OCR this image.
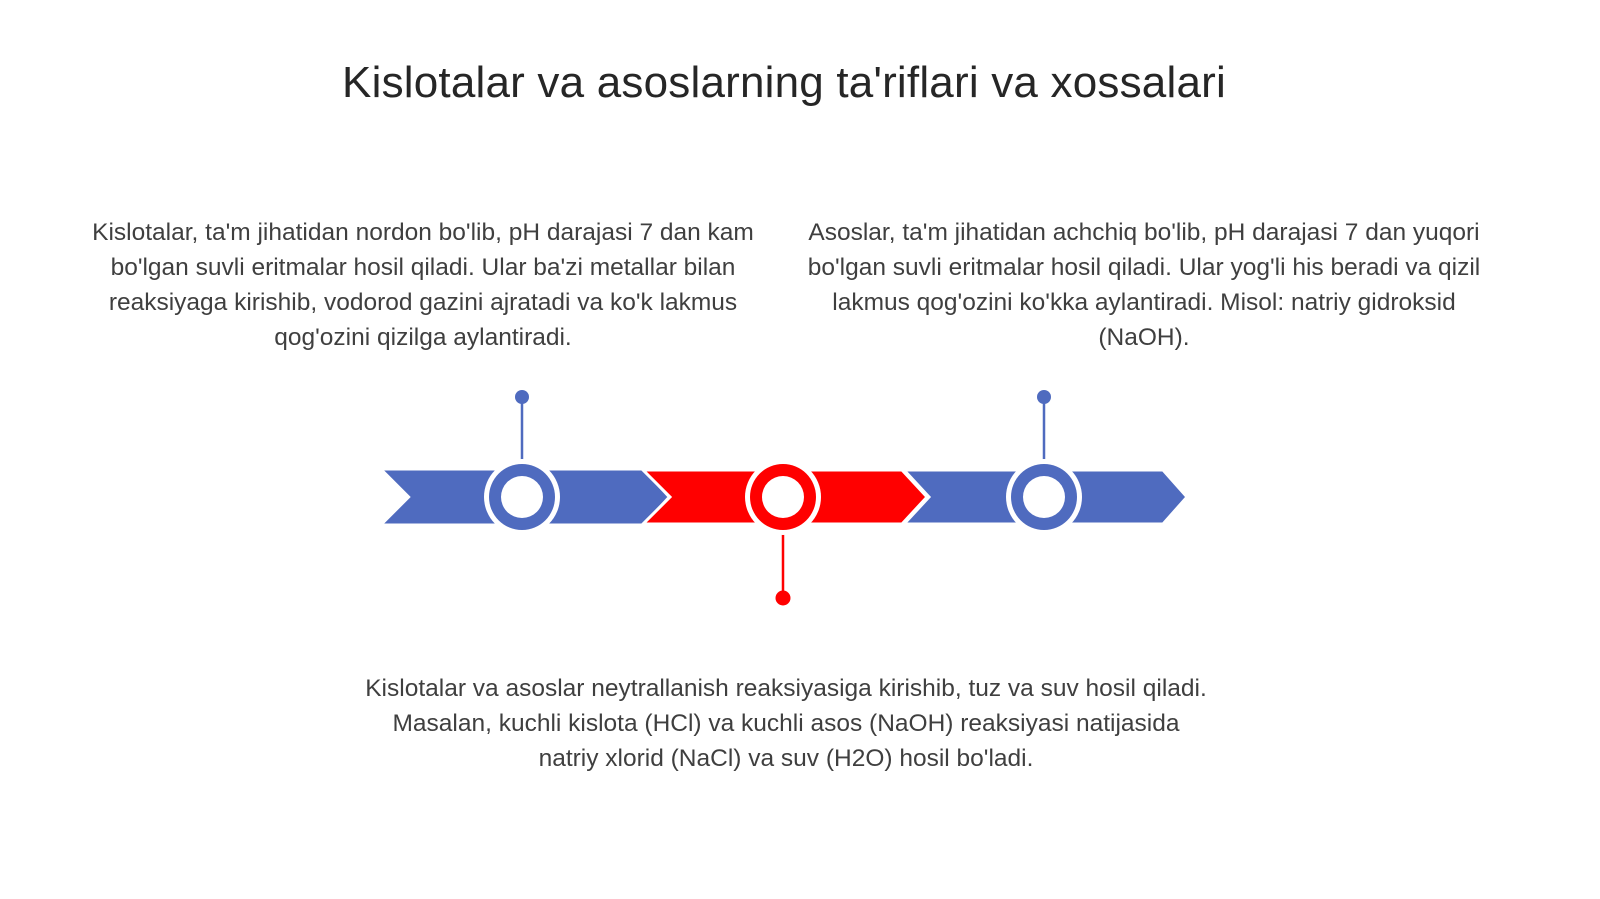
Kislotalar va asoslarning ta'riflari va xossalari
Kislotalar, ta'm jihatidan nordon bo'lib, pH darajasi 7 dan kam bo'lgan suvli eritmalar hosil qiladi. Ular ba'zi metallar bilan reaksiyaga kirishib, vodorod gazini ajratadi va ko'k lakmus qog'ozini qizilga aylantiradi.
Asoslar, ta'm jihatidan achchiq bo'lib, pH darajasi 7 dan yuqori bo'lgan suvli eritmalar hosil qiladi. Ular yog'li his beradi va qizil lakmus qog'ozini ko'kka aylantiradi. Misol: natriy gidroksid (NaOH).
Kislotalar va asoslar neytrallanish reaksiyasiga kirishib, tuz va suv hosil qiladi. Masalan, kuchli kislota (HCl) va kuchli asos (NaOH) reaksiyasi natijasida natriy xlorid (NaCl) va suv (H2O) hosil bo'ladi.
